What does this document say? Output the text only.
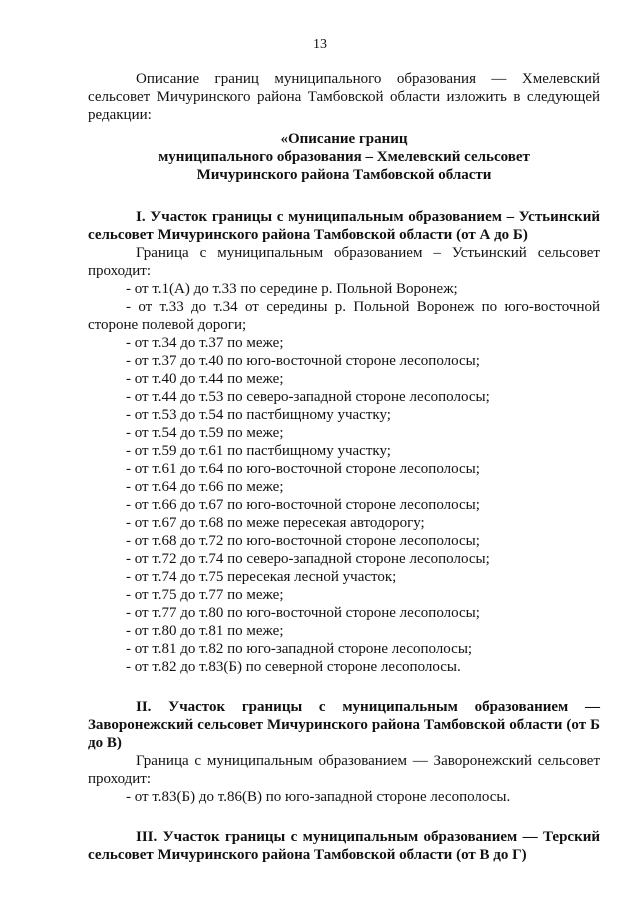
13

Описание границ муниципального образования — Хмелевский сельсовет Мичуринского района Тамбовской области изложить в следующей редакции:

«Описание границ

муниципального образования – Хмелевский сельсовет

Мичуринского района Тамбовской области

I. Участок границы с муниципальным образованием – Устьинский сельсовет Мичуринского района Тамбовской области (от А до Б)

Граница с муниципальным образованием – Устьинский сельсовет проходит:

- от т.1(А) до т.33 по середине р. Польной Воронеж;
- от т.33 до т.34 от середины р. Польной Воронеж по юго-восточной стороне полевой дороги;
- от т.34 до т.37 по меже;
- от т.37 до т.40 по юго-восточной стороне лесополосы;
- от т.40 до т.44 по меже;
- от т.44 до т.53 по северо-западной стороне лесополосы;
- от т.53 до т.54 по пастбищному участку;
- от т.54 до т.59 по меже;
- от т.59 до т.61 по пастбищному участку;
- от т.61 до т.64 по юго-восточной стороне лесополосы;
- от т.64 до т.66 по меже;
- от т.66 до т.67 по юго-восточной стороне лесополосы;
- от т.67 до т.68 по меже пересекая автодорогу;
- от т.68 до т.72 по юго-восточной стороне лесополосы;
- от т.72 до т.74 по северо-западной стороне лесополосы;
- от т.74 до т.75 пересекая лесной участок;
- от т.75 до т.77 по меже;
- от т.77 до т.80 по юго-восточной стороне лесополосы;
- от т.80 до т.81 по меже;
- от т.81 до т.82 по юго-западной стороне лесополосы;
- от т.82 до т.83(Б) по северной стороне лесополосы.

II. Участок границы с муниципальным образованием — Заворонежский сельсовет Мичуринского района Тамбовской области (от Б до В)

Граница с муниципальным образованием — Заворонежский сельсовет проходит:

- от т.83(Б) до т.86(В) по юго-западной стороне лесополосы.

III. Участок границы с муниципальным образованием — Терский сельсовет Мичуринского района Тамбовской области (от В до Г)
